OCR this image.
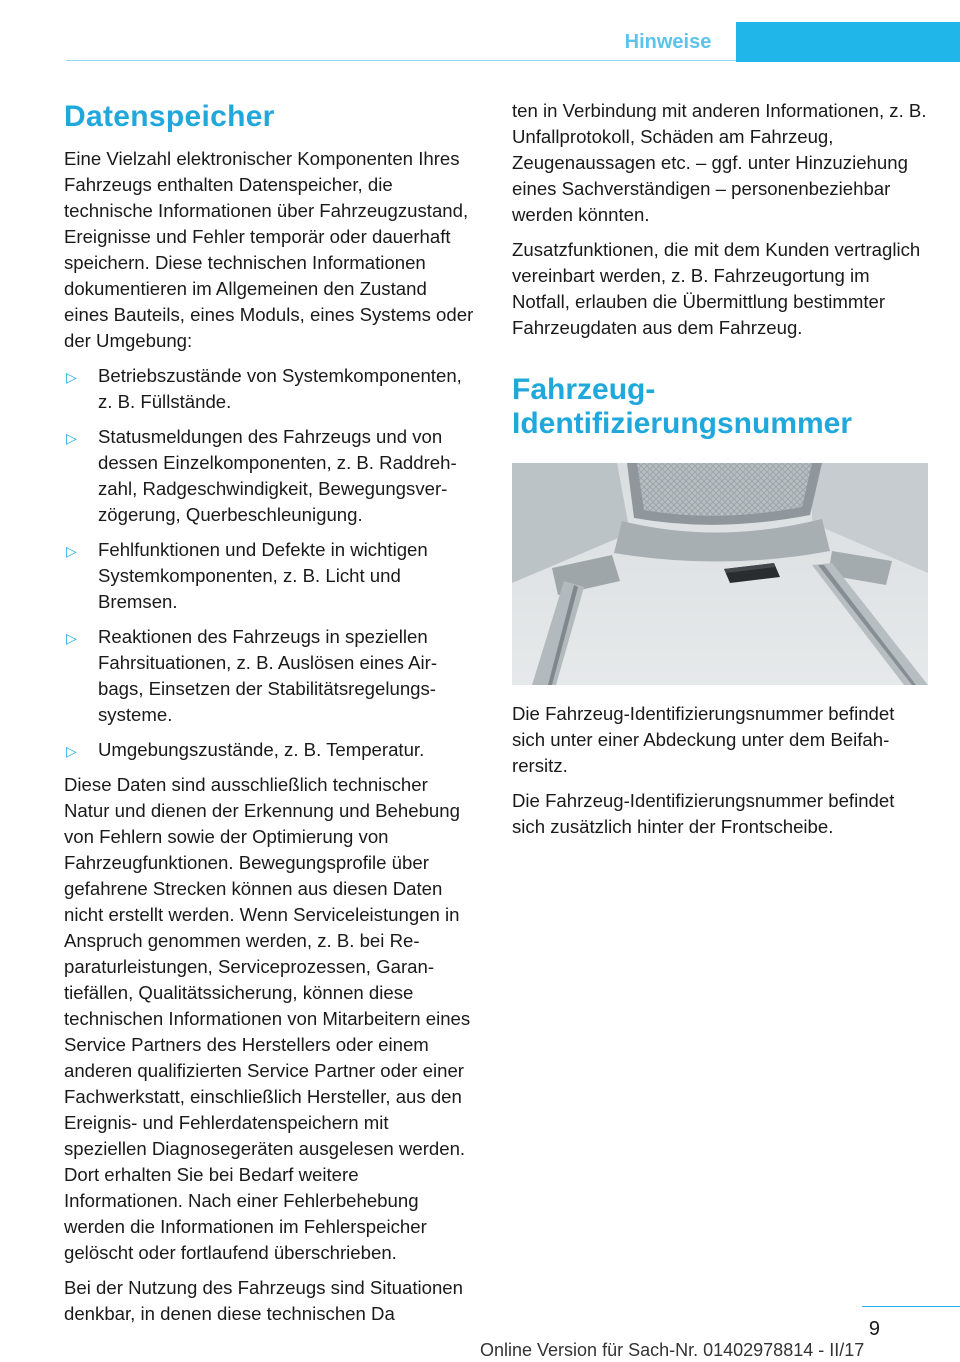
Hinweise
Datenspeicher

Eine Vielzahl elektronischer Komponenten Ihres Fahrzeugs enthalten Datenspeicher, die technische Informationen über Fahrzeugzustand, Ereignisse und Fehler temporär oder dauerhaft speichern. Diese technischen Informationen dokumentieren im Allgemeinen den Zustand eines Bauteils, eines Moduls, eines Systems oder der Umgebung:

▷ Betriebszustände von Systemkomponenten, z. B. Füllstände.
▷ Statusmeldungen des Fahrzeugs und von dessen Einzelkomponenten, z. B. Raddrehzahl, Radgeschwindigkeit, Bewegungsverzögerung, Querbeschleunigung.
▷ Fehlfunktionen und Defekte in wichtigen Systemkomponenten, z. B. Licht und Bremsen.
▷ Reaktionen des Fahrzeugs in speziellen Fahrsituationen, z. B. Auslösen eines Airbags, Einsetzen der Stabilitätsregelungssysteme.
▷ Umgebungszustände, z. B. Temperatur.

Diese Daten sind ausschließlich technischer Natur und dienen der Erkennung und Behebung von Fehlern sowie der Optimierung von Fahrzeugfunktionen. Bewegungsprofile über gefahrene Strecken können aus diesen Daten nicht erstellt werden. Wenn Serviceleistungen in Anspruch genommen werden, z. B. bei Reparaturleistungen, Serviceprozessen, Garantiefällen, Qualitätssicherung, können diese technischen Informationen von Mitarbeitern eines Service Partners des Herstellers oder einem anderen qualifizierten Service Partner oder einer Fachwerkstatt, einschließlich Hersteller, aus den Ereignis- und Fehlerdatenspeichern mit speziellen Diagnosegeräten ausgelesen werden. Dort erhalten Sie bei Bedarf weitere Informationen. Nach einer Fehlerbehebung werden die Informationen im Fehlerspeicher gelöscht oder fortlaufend überschrieben.

Bei der Nutzung des Fahrzeugs sind Situationen denkbar, in denen diese technischen Da

ten in Verbindung mit anderen Informationen, z. B. Unfallprotokoll, Schäden am Fahrzeug, Zeugenaussagen etc. – ggf. unter Hinzuziehung eines Sachverständigen – personenbeziehbar werden könnten.

Zusatzfunktionen, die mit dem Kunden vertraglich vereinbart werden, z. B. Fahrzeugortung im Notfall, erlauben die Übermittlung bestimmter Fahrzeugdaten aus dem Fahrzeug.

Fahrzeug-
Identifizierungsnummer

Die Fahrzeug-Identifizierungsnummer befindet sich unter einer Abdeckung unter dem Beifahrersitz.

Die Fahrzeug-Identifizierungsnummer befindet sich zusätzlich hinter der Frontscheibe.

9
Online Version für Sach-Nr. 01402978814 - II/17
